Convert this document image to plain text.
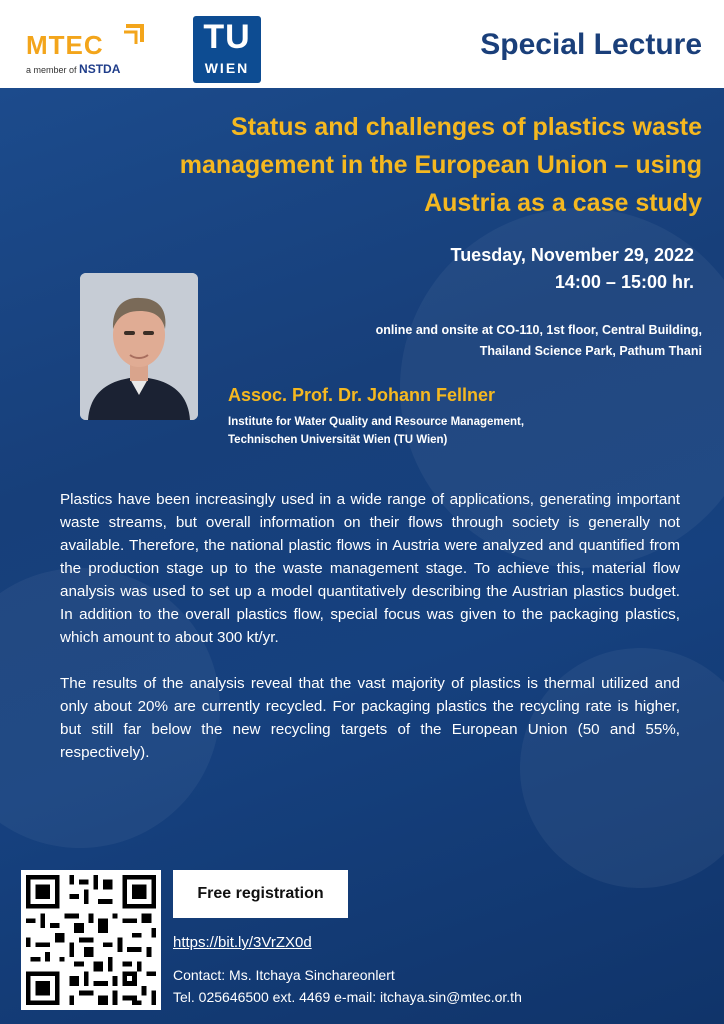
MTEC
a member of NSTDA
TU
WIEN
Special Lecture
Status and challenges of plastics waste
management in the European Union – using
Austria as a case study
Tuesday, November 29, 2022
14:00 – 15:00 hr.
online and onsite at CO-110, 1st floor, Central Building,
Thailand Science Park, Pathum Thani
Assoc. Prof. Dr. Johann Fellner
Institute for Water Quality and Resource Management,
Technischen Universität Wien (TU Wien)

Plastics have been increasingly used in a wide range of applications, generating important waste streams, but overall information on their flows through society is generally not available. Therefore, the national plastic flows in Austria were analyzed and quantified from the production stage up to the waste management stage. To achieve this, material flow analysis was used to set up a model quantitatively describing the Austrian plastics budget. In addition to the overall plastics flow, special focus was given to the packaging plastics, which amount to about 300 kt/yr.

The results of the analysis reveal that the vast majority of plastics is thermal utilized and only about 20% are currently recycled. For packaging plastics the recycling rate is higher, but still far below the new recycling targets of the European Union (50 and 55%, respectively).

Free registration
https://bit.ly/3VrZX0d
Contact: Ms. Itchaya Sinchareonlert
Tel. 025646500 ext. 4469 e-mail: itchaya.sin@mtec.or.th
